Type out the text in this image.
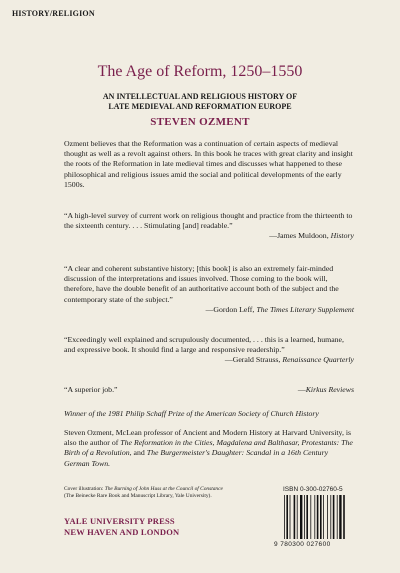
HISTORY/RELIGION
The Age of Reform, 1250–1550
AN INTELLECTUAL AND RELIGIOUS HISTORY OF
LATE MEDIEVAL AND REFORMATION EUROPE
STEVEN OZMENT

Ozment believes that the Reformation was a continuation of certain aspects of medieval thought as well as a revolt against others. In this book he traces with great clarity and insight the roots of the Reformation in late medieval times and discusses what happened to these philosophical and religious issues amid the social and political developments of the early 1500s.

“A high-level survey of current work on religious thought and practice from the thirteenth to the sixteenth century. . . . Stimulating [and] readable.”

—James Muldoon, History

“A clear and coherent substantive history; [this book] is also an extremely fair-minded discussion of the interpretations and issues involved. Those coming to the book will, therefore, have the double benefit of an authoritative account both of the subject and the contemporary state of the subject.”

—Gordon Leff, The Times Literary Supplement

“Exceedingly well explained and scrupulously documented, . . . this is a learned, humane, and expressive book. It should find a large and responsive readership.”

—Gerald Strauss, Renaissance Quarterly

“A superior job.”	—Kirkus Reviews

Winner of the 1981 Philip Schaff Prize of the American Society of Church History

Steven Ozment, McLean professor of Ancient and Modern History at Harvard University, is also the author of The Reformation in the Cities, Magdalena and Balthasar, Protestants: The Birth of a Revolution, and The Burgermeister's Daughter: Scandal in a 16th Century German Town.

Cover illustration: The Burning of John Huss at the Council of Constance
(The Beinecke Rare Book and Manuscript Library, Yale University).
ISBN 0-300-02760-5
YALE UNIVERSITY PRESS
NEW HAVEN AND LONDON
9 780300 027600
